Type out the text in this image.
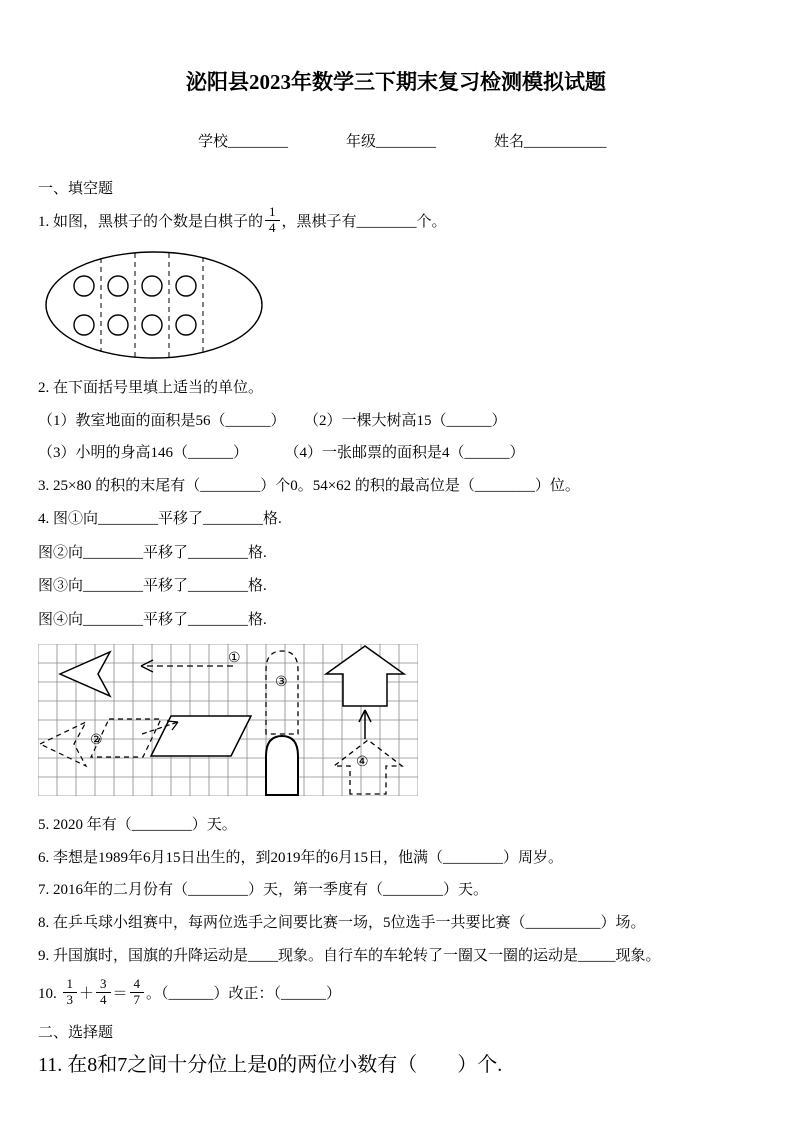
泌阳县2023年数学三下期末复习检测模拟试题
学校________	年级________	姓名___________
一、填空题
1. 如图，黑棋子的个数是白棋子的 $\frac{1}{4}$ ，黑棋子有________个。
2. 在下面括号里填上适当的单位。
（1）教室地面的面积是56（______） （2）一棵大树高15（______）
（3）小明的身高146（______）	（4）一张邮票的面积是4（______）
3. 25×80 的积的末尾有（________）个0。54×62 的积的最高位是（________）位。
4. 图①向________平移了________格.
图②向________平移了________格.
图③向________平移了________格.
图④向________平移了________格.
①
②
③
④
5. 2020 年有（________）天。
6. 李想是1989年6月15日出生的，到2019年的6月15日，他满（________）周岁。
7. 2016年的二月份有（________）天，第一季度有（________）天。
8. 在乒乓球小组赛中，每两位选手之间要比赛一场，5位选手一共要比赛（__________）场。
9. 升国旗时，国旗的升降运动是____现象。自行车的车轮转了一圈又一圈的运动是_____现象。
10. $\frac{1}{3} + \frac{3}{4} = \frac{4}{7}$ 。（______）改正：（______）
二、选择题
11. 在8和7之间十分位上是0的两位小数有（　　）个.
